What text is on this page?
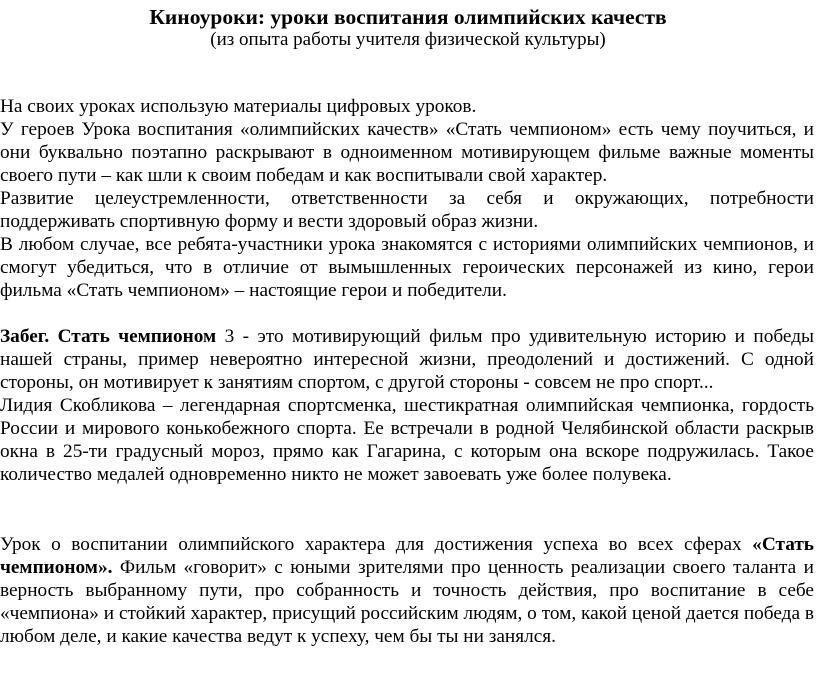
Киноуроки: уроки воспитания олимпийских качеств
(из опыта работы учителя физической культуры)

На своих уроках использую материалы цифровых уроков.

У героев Урока воспитания «олимпийских качеств» «Стать чемпионом» есть чему поучиться, и они буквально поэтапно раскрывают в одноименном мотивирующем фильме важные моменты своего пути – как шли к своим победам и как воспитывали свой характер.

Развитие целеустремленности, ответственности за себя и окружающих, потребности поддерживать спортивную форму и вести здоровый образ жизни.

В любом случае, все ребята-участники урока знакомятся с историями олимпийских чемпионов, и смогут убедиться, что в отличие от вымышленных героических персонажей из кино, герои фильма «Стать чемпионом» – настоящие герои и победители.

Забег. Стать чемпионом 3 - это мотивирующий фильм про удивительную историю и победы нашей страны, пример невероятно интересной жизни, преодолений и достижений. С одной стороны, он мотивирует к занятиям спортом, с другой стороны - совсем не про спорт...

Лидия Скобликова – легендарная спортсменка, шестикратная олимпийская чемпионка, гордость России и мирового конькобежного спорта. Ее встречали в родной Челябинской области раскрыв окна в 25-ти градусный мороз, прямо как Гагарина, с которым она вскоре подружилась. Такое количество медалей одновременно никто не может завоевать уже более полувека.

Урок о воспитании олимпийского характера для достижения успеха во всех сферах «Стать чемпионом». Фильм «говорит» с юными зрителями про ценность реализации своего таланта и верность выбранному пути, про собранность и точность действия, про воспитание в себе «чемпиона» и стойкий характер, присущий российским людям, о том, какой ценой дается победа в любом деле, и какие качества ведут к успеху, чем бы ты ни занялся.
